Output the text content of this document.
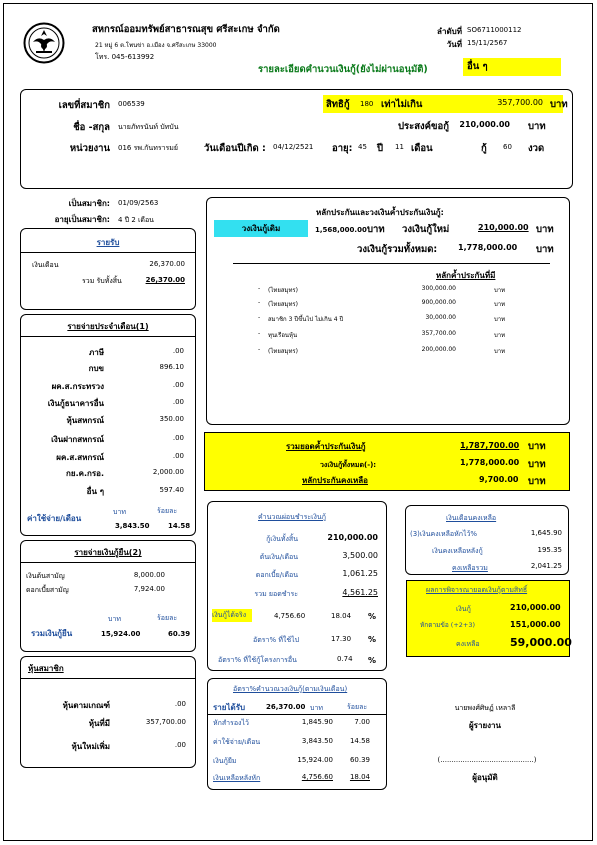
สหกรณ์ออมทรัพย์สาธารณสุข ศรีสะเกษ จำกัด
21 หมู่ 6 ต.โพนข่า อ.เมือง จ.ศรีสะเกษ 33000
โทร. 045-613992
ลำดับที่ SO6711000112
วันที่ 15/11/2567
รายละเอียดคำนวนเงินกู้(ยังไม่ผ่านอนุมัติ)	อื่น ๆ
เลขที่สมาชิก 006539
ชื่อ -สกุล นายภัทรนันท์ บัทบัน
หน่วยงาน 016 รพ.กันทรารมย์	วันเดือนปีเกิด : 04/12/2521 อายุ: 45 ปี 11 เดือน
สิทธิกู้ 180 เท่าไม่เกิน	357,700.00 บาท
ประสงค์ขอกู้	210,000.00 บาท
กู้ 60 งวด
เป็นสมาชิก: 01/09/2563
อายุเป็นสมาชิก: 4 ปี 2 เดือน
รายรับ
เงินเดือน	26,370.00
รวม รับทั้งสิ้น	26,370.00
รายจ่ายประจำเดือน(1)
ภาษี	.00
กบข	896.10
ผค.ส.กระทรวง	.00
เงินกู้ธนาคารอื่น	.00
หุ้นสหกรณ์	350.00
เงินฝากสหกรณ์	.00
ผค.ส.สหกรณ์	.00
กย.ค.กรอ.	2,000.00
อื่น ๆ	597.40
บาท	ร้อยละ
ค่าใช้จ่าย/เดือน
3,843.50	14.58
รายจ่ายเงินกู้ยืน(2)
เงินต้นสามัญ	8,000.00
ดอกเบี้ยสามัญ	7,924.00
บาท	ร้อยละ
รวมเงินกู้ยืน	15,924.00	60.39
หุ้นสมาชิก
หุ้นตามเกณฑ์	.00
หุ้นที่มี	357,700.00
หุ้นใหม่เพิ่ม	.00
หลักประกันและวงเงินค้ำประกันเงินกู้:
วงเงินกู้เดิม	1,568,000.00 บาท วงเงินกู้ใหม่	210,000.00 บาท
วงเงินกู้รวมทั้งหมด:	1,778,000.00 บาท
หลักค้ำประกันที่มี
- (ไทยสมุทร)	300,000.00	บาท
- (ไทยสมุทร)	900,000.00	บาท
- สมาชิก 3 ปีขึ้นไป ไม่เกิน 4 ปี	30,000.00	บาท
- ทุนเรือนหุ้น	357,700.00	บาท
- (ไทยสมุทร)	200,000.00	บาท
รวมยอดค้ำประกันเงินกู้	1,787,700.00 บาท
วงเงินกู้ทั้งหมด(-):	1,778,000.00 บาท
หลักประกันคงเหลือ	9,700.00 บาท
คำนวณผ่อนชำระเงินกู้
กู้เงินทั้งสิ้น	210,000.00
ต้นเงิน/เดือน	3,500.00
ดอกเบี้ย/เดือน	1,061.25
รวม ยอดชำระ	4,561.25
เงินกู้ได้จริง	4,756.60	18.04 %
อัตรา% ที่ใช้ไป	17.30 %
อัตรา% ที่ใช้กู้โครงการอื่น	0.74 %
เงินเดือนคงเหลือ
(3)เงินคงเหลือหักไว้%	1,645.90
เงินคงเหลือหลังกู้	195.35
คงเหลือรวม	2,041.25
ผลการพิจารณายอดเงินกู้ตามสิทธิ์
เงินกู้	210,000.00
หักตามข้อ (+2+3)	151,000.00
คงเหลือ	59,000.00
อัตรา%คำนวณวงเงินกู้(ตามเงินเดือน)
รายได้รับ	26,370.00 บาท	ร้อยละ
หักสำรองไว้	1,845.90	7.00
ค่าใช้จ่าย/เดือน	3,843.50	14.58
เงินกู้ยืม	15,924.00	60.39
เงินเหลือหลังหัก	4,756.60	18.04
นายพงศ์ศิษฏ์ เหลาลี
ผู้รายงาน
(..........................................)
ผู้อนุมัติ
